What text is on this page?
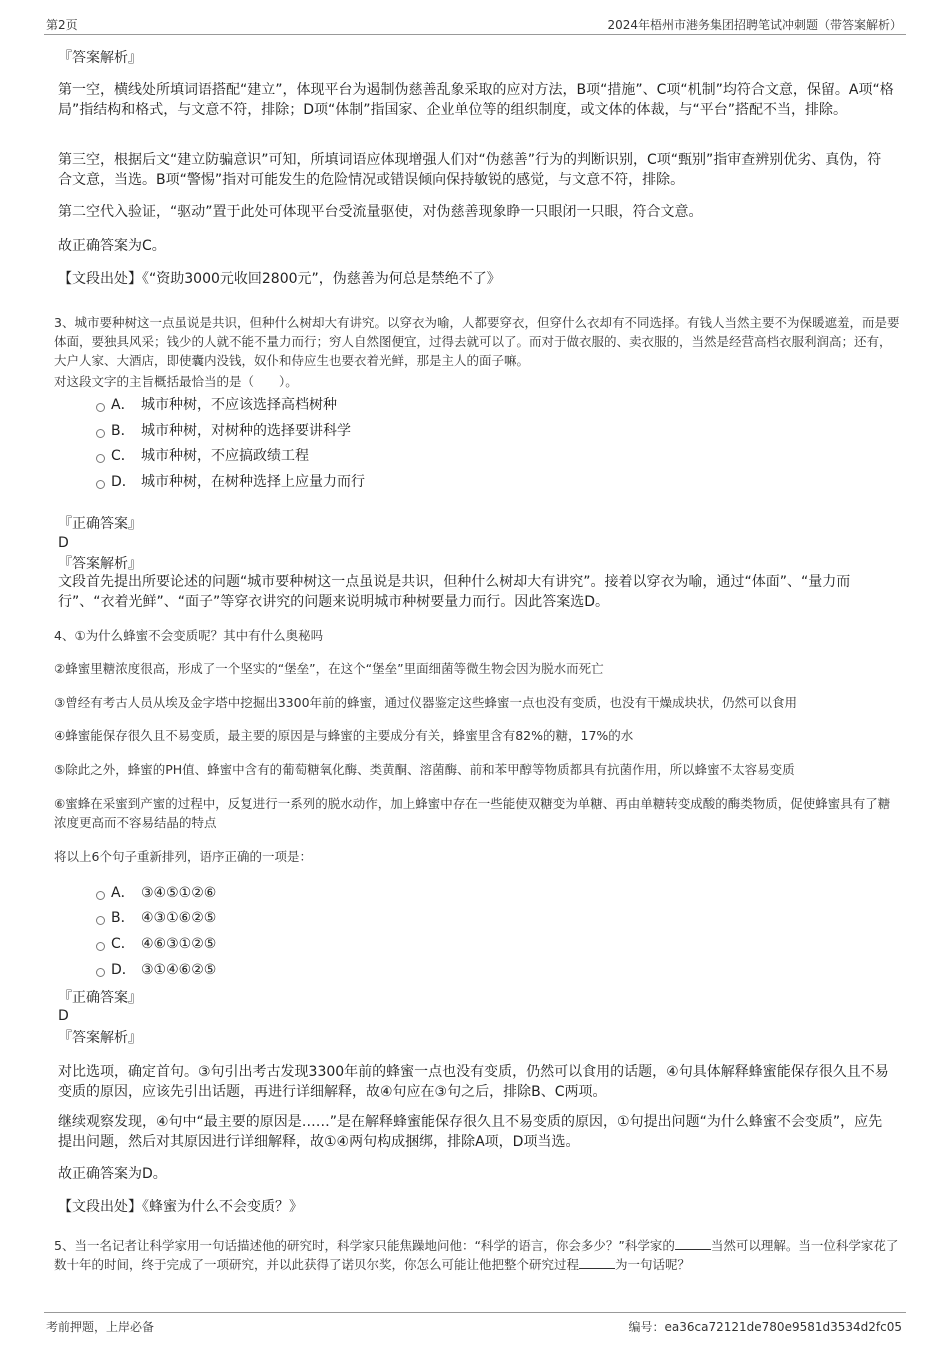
第2页	2024年梧州市港务集团招聘笔试冲刺题（带答案解析）
『答案解析』
第一空，横线处所填词语搭配“建立”，体现平台为遏制伪慈善乱象采取的应对方法，B项“措施”、C项“机制”均符合文意，保留。A项“格局”指结构和格式，与文意不符，排除；D项“体制”指国家、企业单位等的组织制度，或文体的体裁，与“平台”搭配不当，排除。
第三空，根据后文“建立防骗意识”可知，所填词语应体现增强人们对“伪慈善”行为的判断识别，C项“甄别”指审查辨别优劣、真伪，符合文意，当选。B项“警惕”指对可能发生的危险情况或错误倾向保持敏锐的感觉，与文意不符，排除。
第二空代入验证，“驱动”置于此处可体现平台受流量驱使，对伪慈善现象睁一只眼闭一只眼，符合文意。
故正确答案为C。
【文段出处】《“资助3000元收回2800元”，伪慈善为何总是禁绝不了》
3、城市要种树这一点虽说是共识，但种什么树却大有讲究。以穿衣为喻，人都要穿衣，但穿什么衣却有不同选择。有钱人当然主要不为保暖遮羞，而是要体面，要独具风采；钱少的人就不能不量力而行；穷人自然图便宜，过得去就可以了。而对于做衣服的、卖衣服的，当然是经营高档衣服利润高；还有，大户人家、大酒店，即使囊内没钱，奴仆和侍应生也要衣着光鲜，那是主人的面子嘛。
对这段文字的主旨概括最恰当的是（　　）。
A． 城市种树，不应该选择高档树种
B． 城市种树，对树种的选择要讲科学
C． 城市种树，不应搞政绩工程
D． 城市种树，在树种选择上应量力而行
『正确答案』
D
『答案解析』
文段首先提出所要论述的问题“城市要种树这一点虽说是共识，但种什么树却大有讲究”。接着以穿衣为喻，通过“体面”、“量力而行”、“衣着光鲜”、“面子”等穿衣讲究的问题来说明城市种树要量力而行。因此答案选D。
4、①为什么蜂蜜不会变质呢？其中有什么奥秘吗
②蜂蜜里糖浓度很高，形成了一个坚实的“堡垒”，在这个“堡垒”里面细菌等微生物会因为脱水而死亡
③曾经有考古人员从埃及金字塔中挖掘出3300年前的蜂蜜，通过仪器鉴定这些蜂蜜一点也没有变质，也没有干燥成块状，仍然可以食用
④蜂蜜能保存很久且不易变质，最主要的原因是与蜂蜜的主要成分有关，蜂蜜里含有82%的糖，17%的水
⑤除此之外，蜂蜜的PH值、蜂蜜中含有的葡萄糖氧化酶、类黄酮、溶菌酶、前和苯甲醇等物质都具有抗菌作用，所以蜂蜜不太容易变质
⑥蜜蜂在采蜜到产蜜的过程中，反复进行一系列的脱水动作，加上蜂蜜中存在一些能使双糖变为单糖、再由单糖转变成酸的酶类物质，促使蜂蜜具有了糖浓度更高而不容易结晶的特点
将以上6个句子重新排列，语序正确的一项是：
A． ③④⑤①②⑥
B． ④③①⑥②⑤
C． ④⑥③①②⑤
D． ③①④⑥②⑤
『正确答案』
D
『答案解析』
对比选项，确定首句。③句引出考古发现3300年前的蜂蜜一点也没有变质，仍然可以食用的话题，④句具体解释蜂蜜能保存很久且不易变质的原因，应该先引出话题，再进行详细解释，故④句应在③句之后，排除B、C两项。
继续观察发现，④句中“最主要的原因是……”是在解释蜂蜜能保存很久且不易变质的原因，①句提出问题“为什么蜂蜜不会变质”，应先提出问题，然后对其原因进行详细解释，故①④两句构成捆绑，排除A项，D项当选。
故正确答案为D。
【文段出处】《蜂蜜为什么不会变质？》
5、当一名记者让科学家用一句话描述他的研究时，科学家只能焦躁地问他：“科学的语言，你会多少？”科学家的	当然可以理解。当一位科学家花了数十年的时间，终于完成了一项研究，并以此获得了诺贝尔奖，你怎么可能让他把整个研究过程	为一句话呢？
考前押题，上岸必备	编号：ea36ca72121de780e9581d3534d2fc05
